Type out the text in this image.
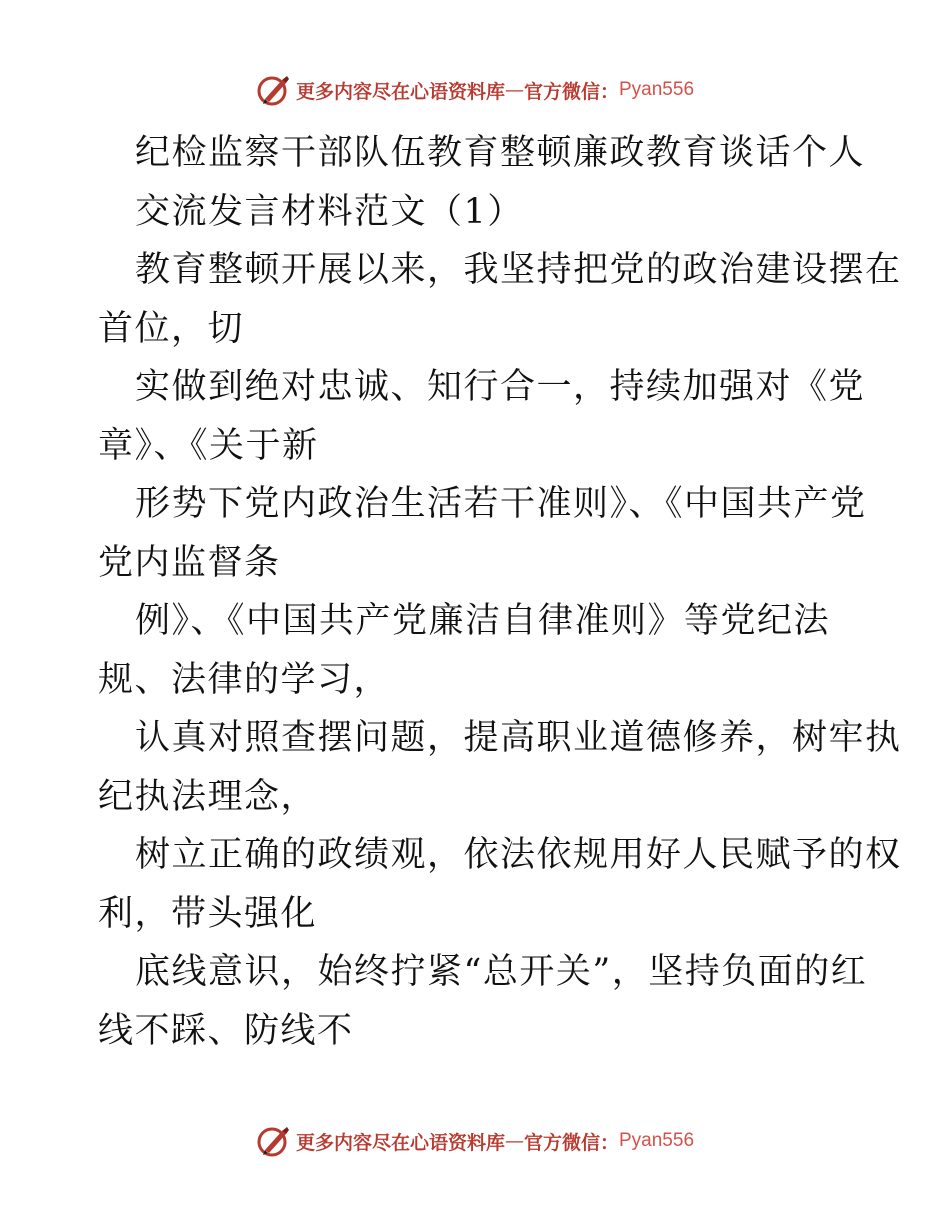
更多内容尽在心语资料库 — 官方微信： Pyan556
纪检监察干部队伍教育整顿廉政教育谈话个人
交流发言材料范文（1）
教育整顿开展以来，我坚持把党的政治建设摆在
首位，切
实做到绝对忠诚、知行合一，持续加强对《党
章》、《关于新
形势下党内政治生活若干准则》、《中国共产党
党内监督条
例》、《中国共产党廉洁自律准则》等党纪法
规、法律的学习，
认真对照查摆问题，提高职业道德修养，树牢执
纪执法理念，
树立正确的政绩观，依法依规用好人民赋予的权
利，带头强化
底线意识，始终拧紧“总开关”，坚持负面的红
线不踩、防线不
更多内容尽在心语资料库 — 官方微信： Pyan556
